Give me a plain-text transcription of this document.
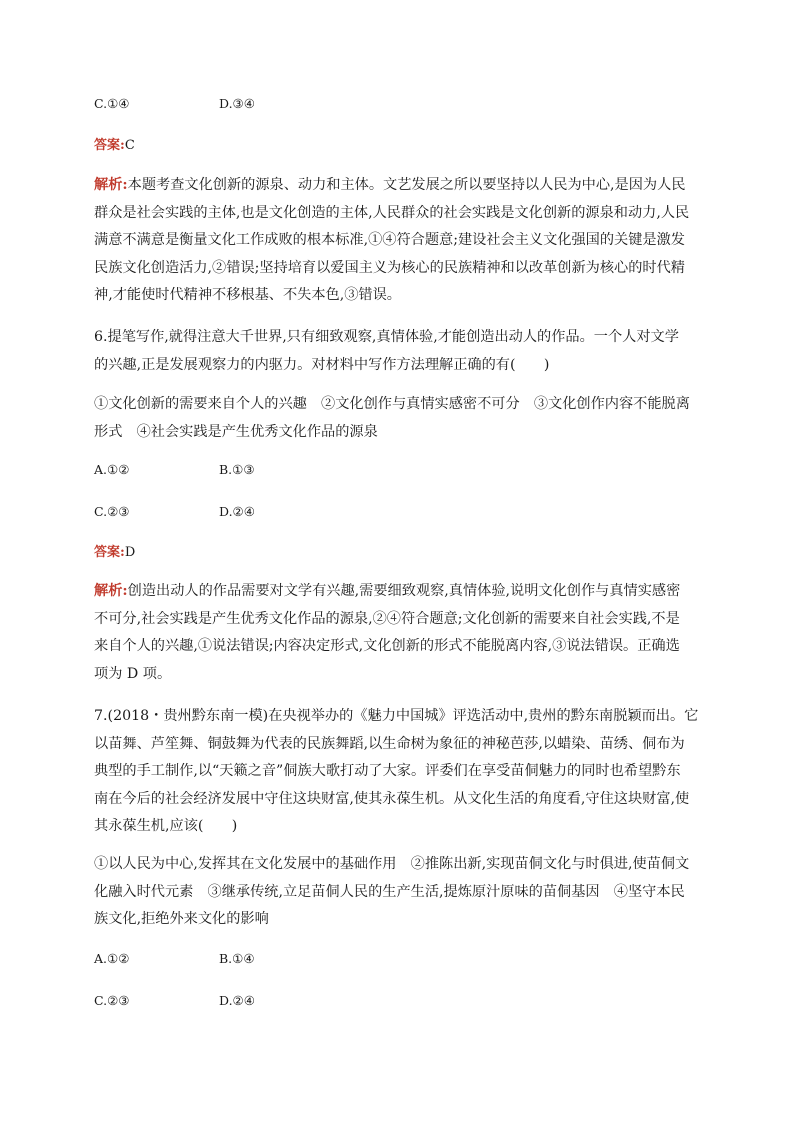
C.①④	D.③④
答案:C
解析:本题考查文化创新的源泉、动力和主体。文艺发展之所以要坚持以人民为中心,是因为人民
群众是社会实践的主体,也是文化创造的主体,人民群众的社会实践是文化创新的源泉和动力,人民
满意不满意是衡量文化工作成败的根本标准,①④符合题意;建设社会主义文化强国的关键是激发
民族文化创造活力,②错误;坚持培育以爱国主义为核心的民族精神和以改革创新为核心的时代精
神,才能使时代精神不移根基、不失本色,③错误。
6.提笔写作,就得注意大千世界,只有细致观察,真情体验,才能创造出动人的作品。一个人对文学
的兴趣,正是发展观察力的内驱力。对材料中写作方法理解正确的有(　　)
①文化创新的需要来自个人的兴趣　②文化创作与真情实感密不可分　③文化创作内容不能脱离
形式　④社会实践是产生优秀文化作品的源泉
A.①②	B.①③
C.②③	D.②④
答案:D
解析:创造出动人的作品需要对文学有兴趣,需要细致观察,真情体验,说明文化创作与真情实感密
不可分,社会实践是产生优秀文化作品的源泉,②④符合题意;文化创新的需要来自社会实践,不是
来自个人的兴趣,①说法错误;内容决定形式,文化创新的形式不能脱离内容,③说法错误。正确选
项为 D 项。
7.(2018・贵州黔东南一模)在央视举办的《魅力中国城》评选活动中,贵州的黔东南脱颖而出。它
以苗舞、芦笙舞、铜鼓舞为代表的民族舞蹈,以生命树为象征的神秘芭莎,以蜡染、苗绣、侗布为
典型的手工制作,以“天籁之音”侗族大歌打动了大家。评委们在享受苗侗魅力的同时也希望黔东
南在今后的社会经济发展中守住这块财富,使其永葆生机。从文化生活的角度看,守住这块财富,使
其永葆生机,应该(　　)
①以人民为中心,发挥其在文化发展中的基础作用　②推陈出新,实现苗侗文化与时俱进,使苗侗文
化融入时代元素　③继承传统,立足苗侗人民的生产生活,提炼原汁原味的苗侗基因　④坚守本民
族文化,拒绝外来文化的影响
A.①②	B.①④
C.②③	D.②④
